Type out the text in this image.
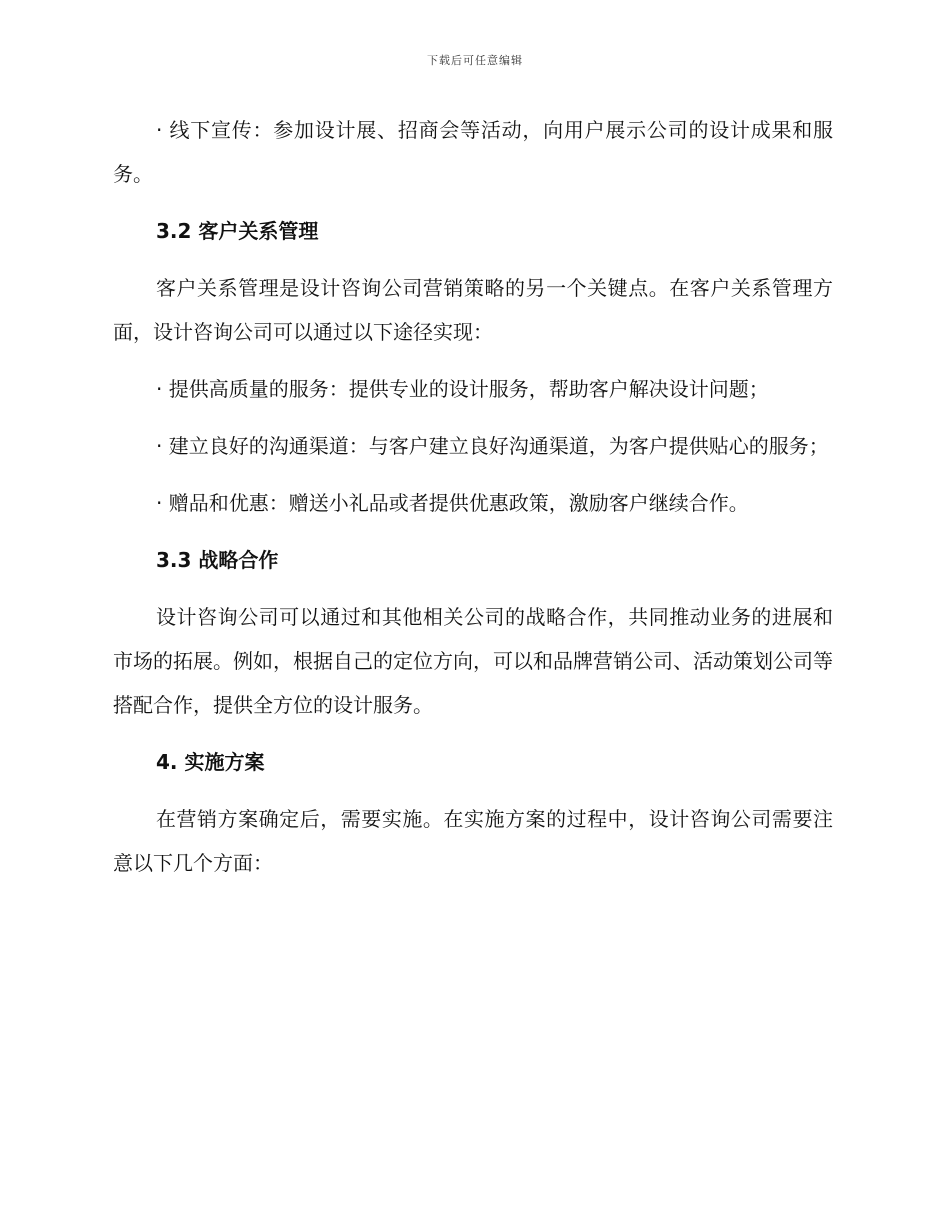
下载后可任意编辑

· 线下宣传：参加设计展、招商会等活动，向用户展示公司的设计成果和服务。

3.2 客户关系管理

客户关系管理是设计咨询公司营销策略的另一个关键点。在客户关系管理方面，设计咨询公司可以通过以下途径实现：

· 提供高质量的服务：提供专业的设计服务，帮助客户解决设计问题；

· 建立良好的沟通渠道：与客户建立良好沟通渠道，为客户提供贴心的服务；

· 赠品和优惠：赠送小礼品或者提供优惠政策，激励客户继续合作。

3.3 战略合作

设计咨询公司可以通过和其他相关公司的战略合作，共同推动业务的进展和市场的拓展。例如，根据自己的定位方向，可以和品牌营销公司、活动策划公司等搭配合作，提供全方位的设计服务。

4. 实施方案

在营销方案确定后，需要实施。在实施方案的过程中，设计咨询公司需要注意以下几个方面：
